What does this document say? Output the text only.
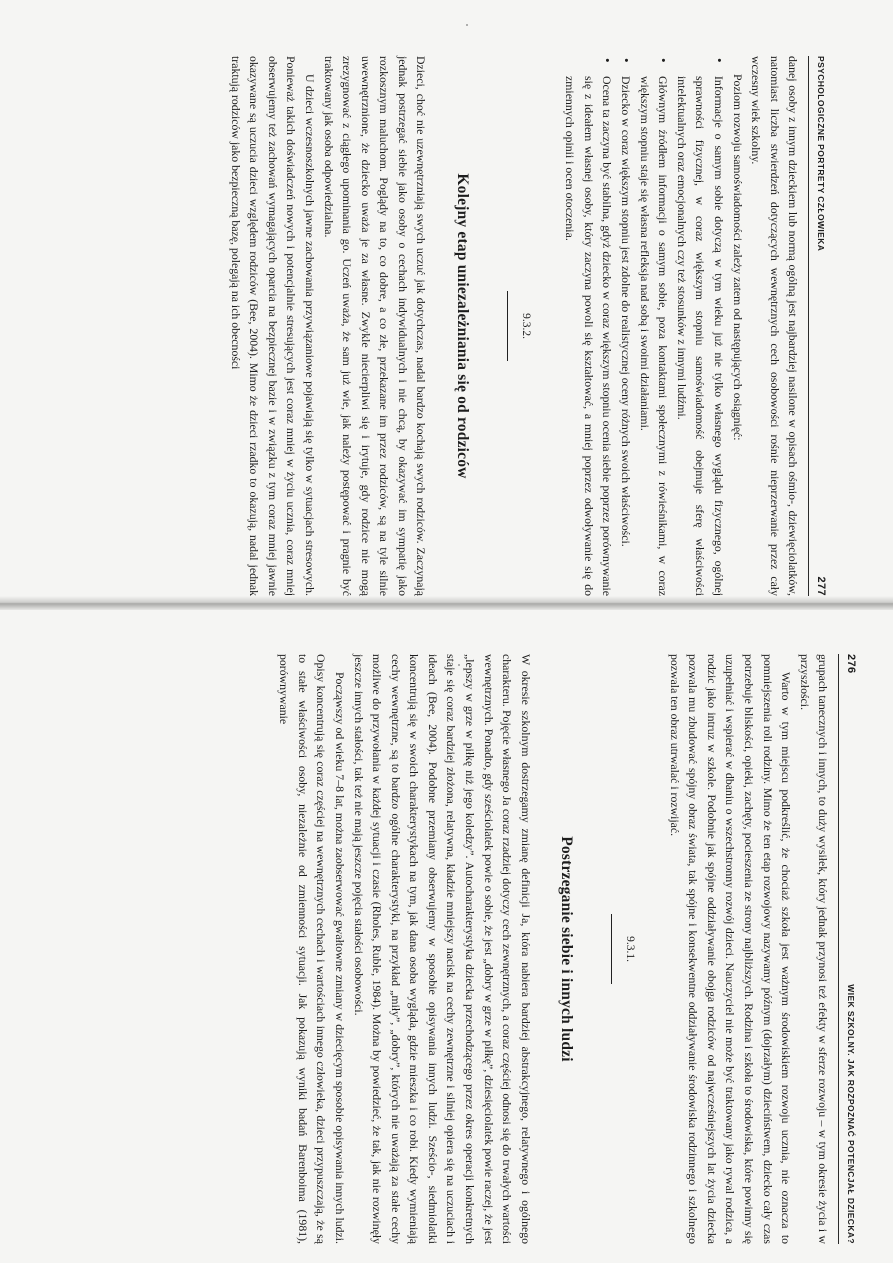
PSYCHOLOGICZNE PORTRETY CZŁOWIEKA
277

danej osoby z innym dzieckiem lub normą ogólną jest najbardziej nasilone w opisach ośmio-, dziewięciolatków, natomiast liczba stwierdzeń dotyczących wewnętrznych cech osobowości rośnie nieprzerwanie przez cały wczesny wiek szkolny.

Poziom rozwoju samoświadomości zależy zatem od następujących osiągnięć:

• Informacje o samym sobie dotyczą w tym wieku już nie tylko własnego wyglądu fizycznego, ogólnej sprawności fizycznej, w coraz większym stopniu samoświadomość obejmuje sferę właściwości intelektualnych oraz emocjonalnych czy też stosunków z innymi ludźmi.
• Głównym źródłem informacji o samym sobie, poza kontaktami społecznymi z rówieśnikami, w coraz większym stopniu staje się własna refleksja nad sobą i swoimi działaniami.
• Dziecko w coraz większym stopniu jest zdolne do realistycznej oceny różnych swoich właściwości.
• Ocena ta zaczyna być stabilna, gdyż dziecko w coraz większym stopniu ocenia siebie poprzez porównywanie się z ideałem własnej osoby, który zaczyna powoli się kształtować, a mniej poprzez odwoływanie się do zmiennych opinii i ocen otoczenia.
9.3.2.
Kolejny etap uniezależniania się od rodziców

Dzieci, choć nie uzewnętrzniają swych uczuć jak dotychczas, nadal bardzo kochają swych rodziców. Zaczynają jednak postrzegać siebie jako osoby o cechach indywidualnych i nie chcą, by okazywać im sympatię jako rozkosznym maluchom. Poglądy na to, co dobre, a co złe, przekazane im przez rodziców, są na tyle silnie uwewnętrznione, że dziecko uważa je za własne. Zwykle niecierpliwi się i irytuje, gdy rodzice nie mogą zrezygnować z ciągłego upominania go. Uczeń uważa, że sam już wie, jak należy postępować i pragnie być traktowany jak osoba odpowiedzialna.

U dzieci wczesnoszkolnych jawne zachowania przywiązaniowe pojawiają się tylko w sytuacjach stresowych. Ponieważ takich doświadczeń nowych i potencjalnie stresujących jest coraz mniej w życiu ucznia, coraz mniej obserwujemy też zachowań wymagających oparcia na bezpiecznej bazie i w związku z tym coraz mniej jawnie okazywane są uczucia dzieci względem rodziców (Bee, 2004). Mimo że dzieci rzadko to okazują, nadal jednak traktują rodziców jako bezpieczną bazę, polegają na ich obecności

276
WIEK SZKOLNY. JAK ROZPOZNAĆ POTENCJAŁ DZIECKA?

grupach tanecznych i innych, to duży wysiłek, który jednak przynosi też efekty w sferze rozwoju – w tym okresie życia i w przyszłości.

Warto w tym miejscu podkreślić, że chociaż szkoła jest ważnym środowiskiem rozwoju ucznia, nie oznacza to pomniejszenia roli rodziny. Mimo że ten etap rozwojowy nazywamy późnym (dojrzałym) dzieciństwem, dziecko cały czas potrzebuje bliskości, opieki, zachęty, pocieszenia ze strony najbliższych. Rodzina i szkoła to środowiska, które powinny się uzupełniać i wspierać w dbaniu o wszechstronny rozwój dzieci. Nauczyciel nie może być traktowany jako rywal rodzica, a rodzic jako intruz w szkole. Podobnie jak spójne oddziaływanie obojga rodziców od najwcześniejszych lat życia dziecka pozwala mu zbudować spójny obraz świata, tak spójne i konsekwentne oddziaływanie środowiska rodzinnego i szkolnego pozwala ten obraz utrwalać i rozwijać.

9.3.1.
Postrzeganie siebie i innych ludzi

W okresie szkolnym dostrzegamy zmianę definicji Ja, która nabiera bardziej abstrakcyjnego, relatywnego i ogólnego charakteru. Pojęcie własnego Ja coraz rzadziej dotyczy cech zewnętrznych, a coraz częściej odnosi się do trwałych wartości wewnętrznych. Ponadto, gdy sześciolatek powie o sobie, że jest „dobry w grze w piłkę”, dziesięciolatek powie raczej, że jest „lepszy w grze w piłkę niż jego koledzy”. Autocharakterystyka dziecka przechodzącego przez okres operacji konkretnych staje się coraz bardziej złożona, relatywna, kładzie mniejszy nacisk na cechy zewnętrzne i silniej opiera się na uczuciach i ideach (Bee, 2004). Podobne przemiany obserwujemy w sposobie opisywania innych ludzi. Sześcio-, siedmiolatki koncentrują się w swoich charakterystykach na tym, jak dana osoba wygląda, gdzie mieszka i co robi. Kiedy wymieniają cechy wewnętrzne, są to bardzo ogólne charakterystyki, na przykład „miły”, „dobry”, których nie uważają za stałe cechy możliwe do przywołania w każdej sytuacji i czasie (Rholes, Ruble, 1984). Można by powiedzieć, że tak, jak nie rozwinęły jeszcze innych stałości, tak też nie mają jeszcze pojęcia stałości osobowości.

Począwszy od wieku 7–8 lat, można zaobserwować gwałtowne zmiany w dziecięcym sposobie opisywania innych ludzi. Opisy koncentrują się coraz częściej na wewnętrznych cechach i wartościach innego człowieka, dzieci przypuszczają, że są to stałe właściwości osoby, niezależnie od zmienności sytuacji. Jak pokazują wyniki badań Barenboima (1981), porównywanie
